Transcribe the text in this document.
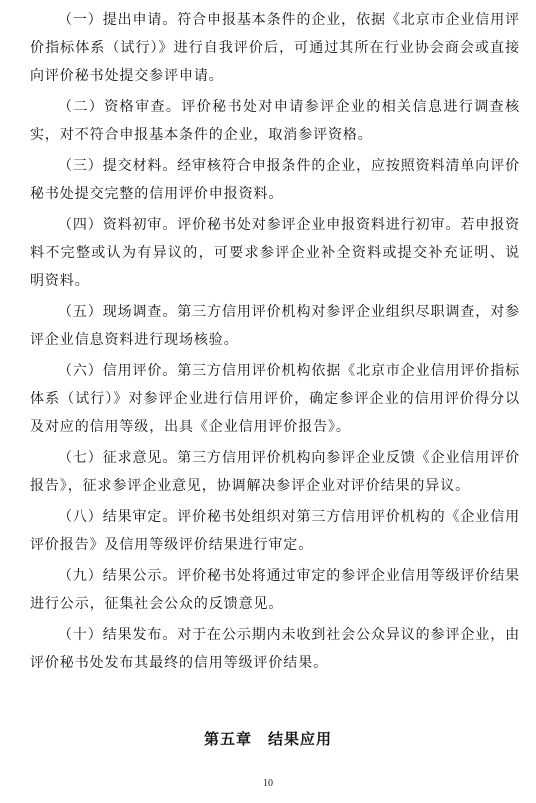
（一）提出申请。符合申报基本条件的企业，依据《北京市企业信用评价指标体系（试行）》进行自我评价后，可通过其所在行业协会商会或直接向评价秘书处提交参评申请。

（二）资格审查。评价秘书处对申请参评企业的相关信息进行调查核实，对不符合申报基本条件的企业，取消参评资格。

（三）提交材料。经审核符合申报条件的企业，应按照资料清单向评价秘书处提交完整的信用评价申报资料。

（四）资料初审。评价秘书处对参评企业申报资料进行初审。若申报资料不完整或认为有异议的，可要求参评企业补全资料或提交补充证明、说明资料。

（五）现场调查。第三方信用评价机构对参评企业组织尽职调查，对参评企业信息资料进行现场核验。

（六）信用评价。第三方信用评价机构依据《北京市企业信用评价指标体系（试行）》对参评企业进行信用评价，确定参评企业的信用评价得分以及对应的信用等级，出具《企业信用评价报告》。

（七）征求意见。第三方信用评价机构向参评企业反馈《企业信用评价报告》，征求参评企业意见，协调解决参评企业对评价结果的异议。

（八）结果审定。评价秘书处组织对第三方信用评价机构的《企业信用评价报告》及信用等级评价结果进行审定。

（九）结果公示。评价秘书处将通过审定的参评企业信用等级评价结果进行公示，征集社会公众的反馈意见。

（十）结果发布。对于在公示期内未收到社会公众异议的参评企业，由评价秘书处发布其最终的信用等级评价结果。

第五章　结果应用
10
